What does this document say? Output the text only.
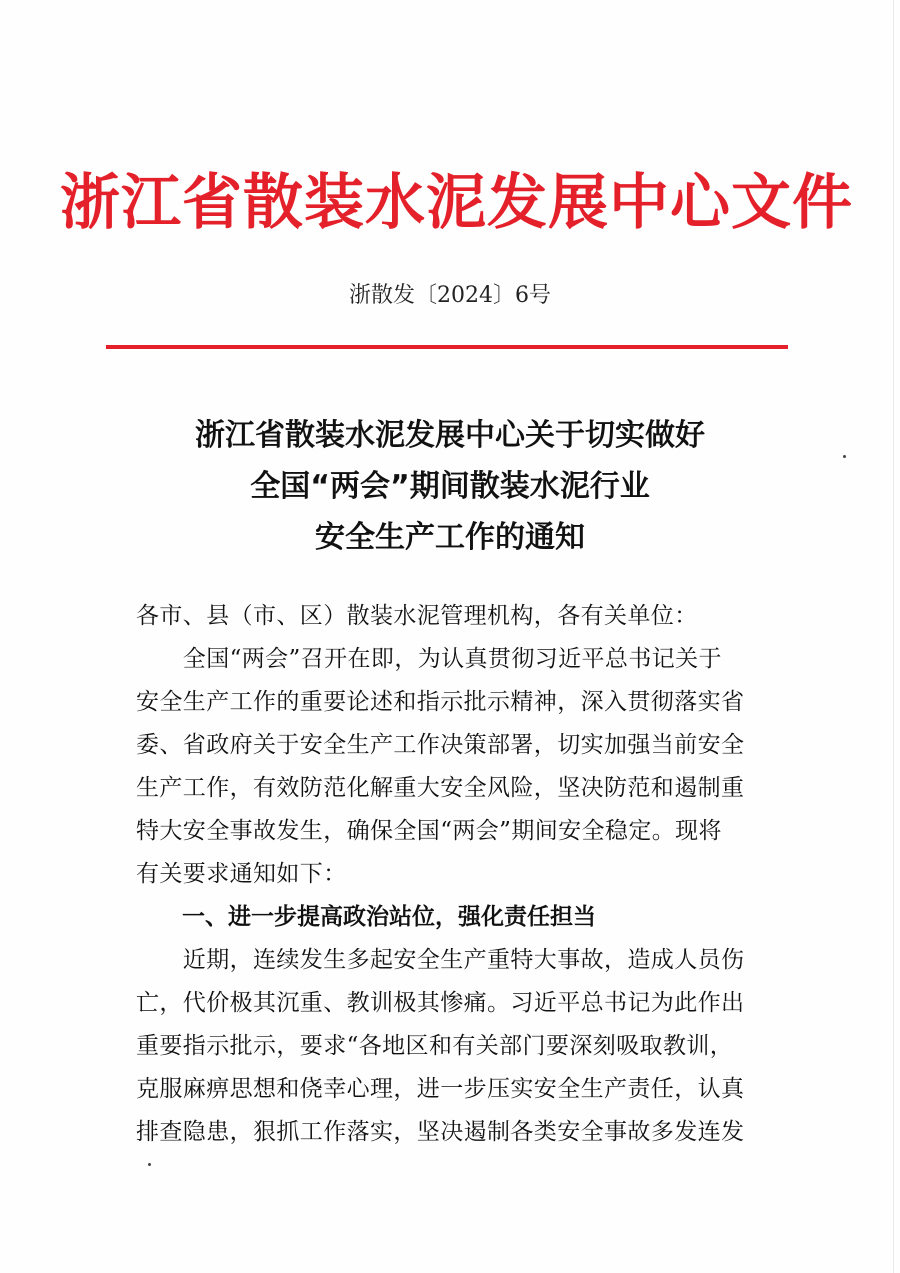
浙江省散装水泥发展中心文件
浙散发〔2024〕6号
浙江省散装水泥发展中心关于切实做好
全国“两会”期间散装水泥行业
安全生产工作的通知
各市、县（市、区）散装水泥管理机构，各有关单位：
　　全国“两会”召开在即，为认真贯彻习近平总书记关于
安全生产工作的重要论述和指示批示精神，深入贯彻落实省
委、省政府关于安全生产工作决策部署，切实加强当前安全
生产工作，有效防范化解重大安全风险，坚决防范和遏制重
特大安全事故发生，确保全国“两会”期间安全稳定。现将
有关要求通知如下：
　　一、进一步提高政治站位，强化责任担当
　　近期，连续发生多起安全生产重特大事故，造成人员伤
亡，代价极其沉重、教训极其惨痛。习近平总书记为此作出
重要指示批示，要求“各地区和有关部门要深刻吸取教训，
克服麻痹思想和侥幸心理，进一步压实安全生产责任，认真
排查隐患，狠抓工作落实，坚决遏制各类安全事故多发连发
